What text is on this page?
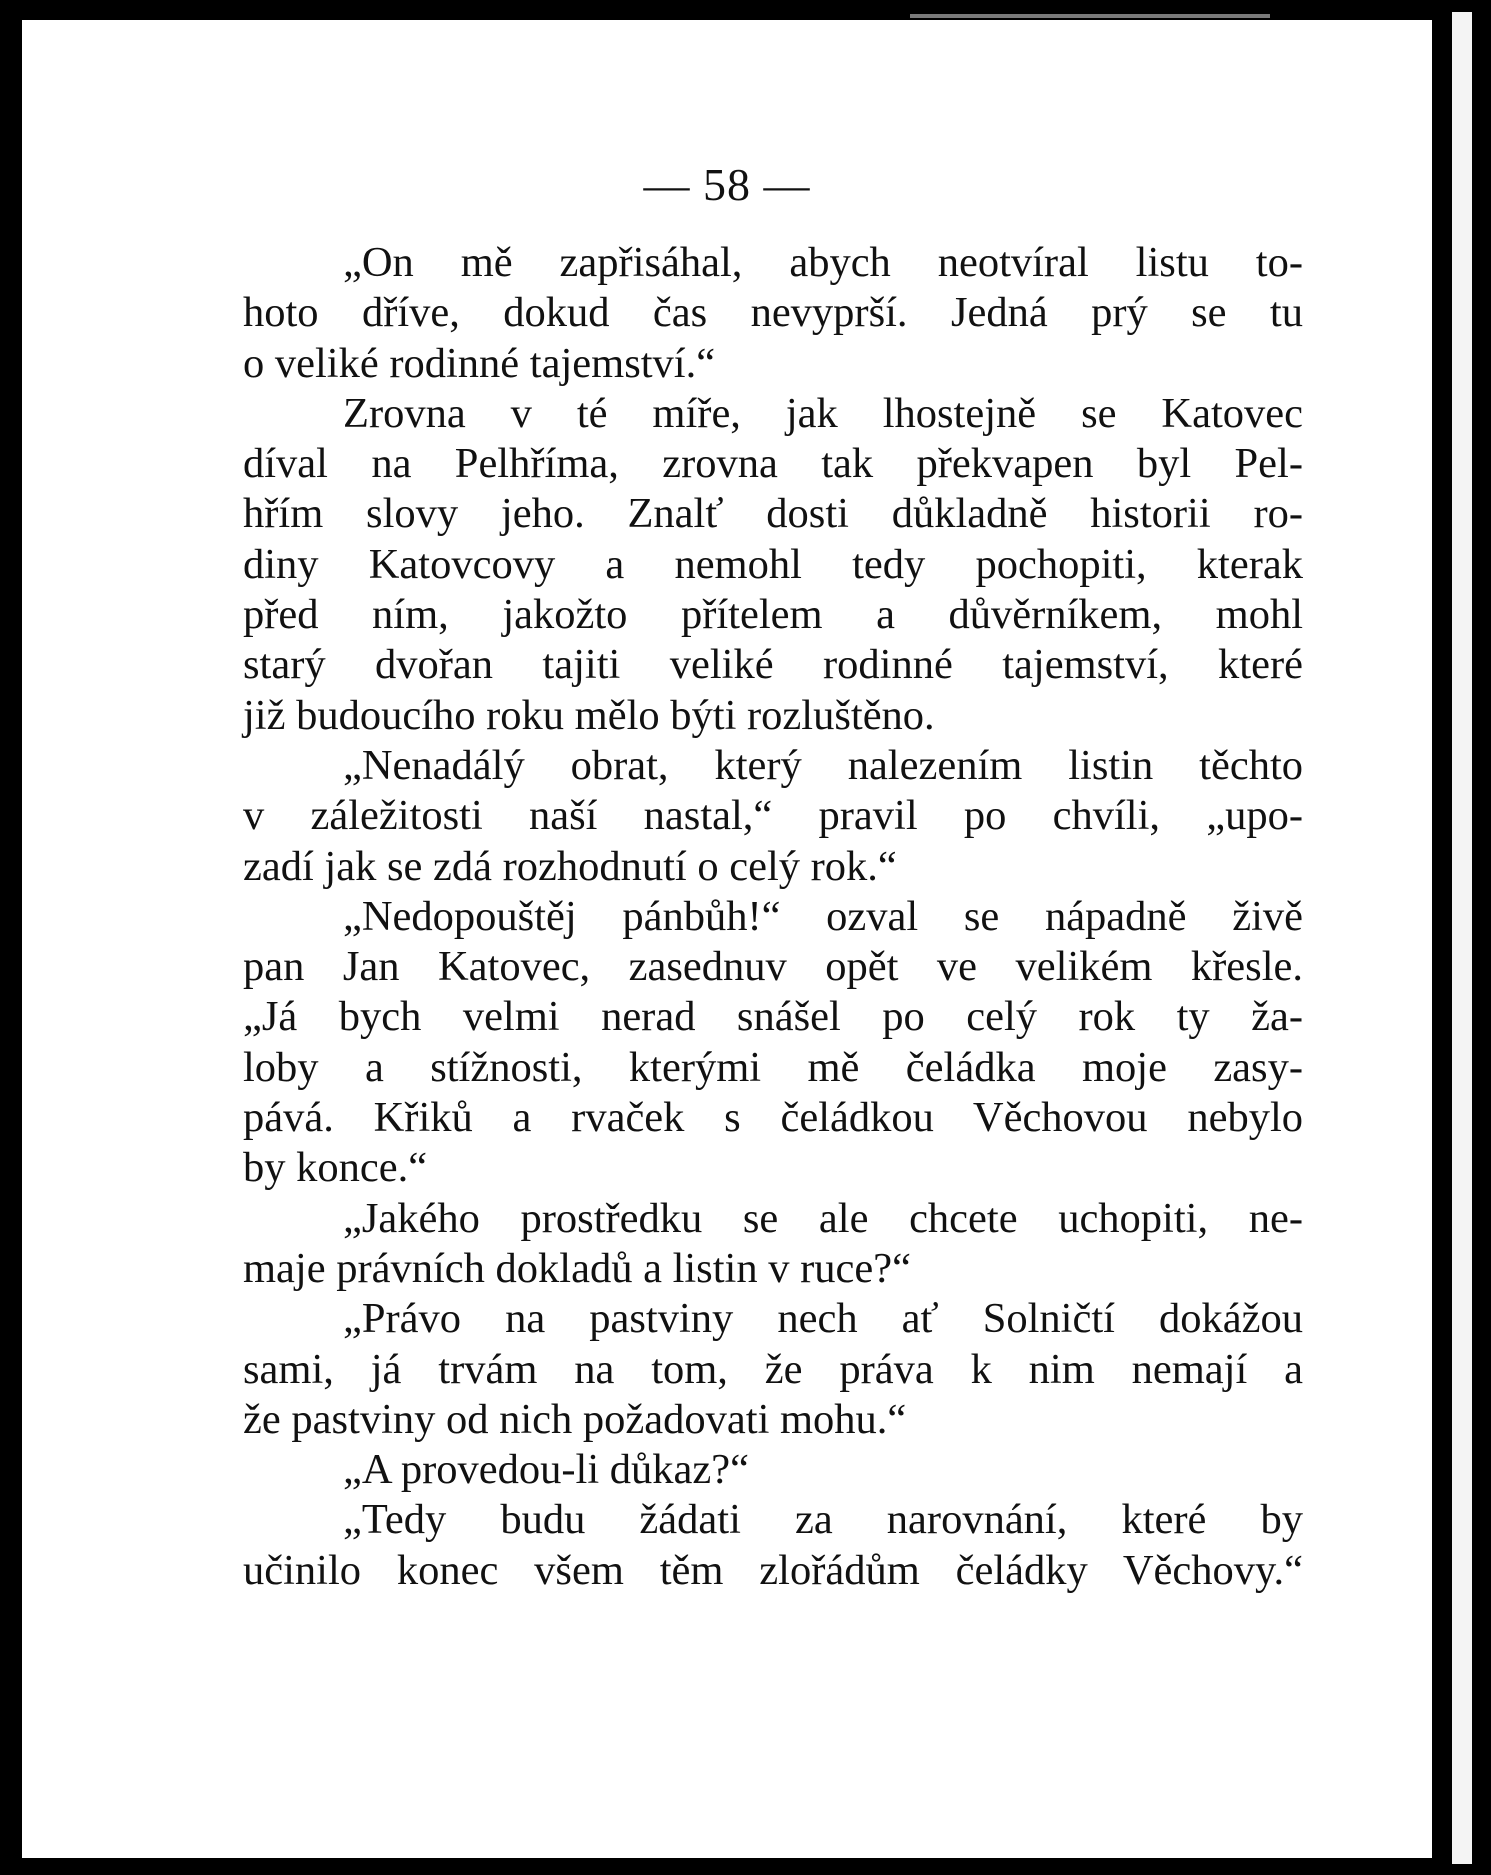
— 58 —
„On mě zapřisáhal, abych neotvíral listu to-
hoto dříve, dokud čas nevyprší. Jedná prý se tu
o veliké rodinné tajemství.“
Zrovna v té míře, jak lhostejně se Katovec
díval na Pelhříma, zrovna tak překvapen byl Pel-
hřím slovy jeho. Znalť dosti důkladně historii ro-
diny Katovcovy a nemohl tedy pochopiti, kterak
před ním, jakožto přítelem a důvěrníkem, mohl
starý dvořan tajiti veliké rodinné tajemství, které
již budoucího roku mělo býti rozluštěno.
„Nenadálý obrat, který nalezením listin těchto
v záležitosti naší nastal,“ pravil po chvíli, „upo-
zadí jak se zdá rozhodnutí o celý rok.“
„Nedopouštěj pánbůh!“ ozval se nápadně živě
pan Jan Katovec, zasednuv opět ve velikém křesle.
„Já bych velmi nerad snášel po celý rok ty ža-
loby a stížnosti, kterými mě čeládka moje zasy-
pává. Křiků a rvaček s čeládkou Věchovou nebylo
by konce.“
„Jakého prostředku se ale chcete uchopiti, ne-
maje právních dokladů a listin v ruce?“
„Právo na pastviny nech ať Solničtí dokážou
sami, já trvám na tom, že práva k nim nemají a
že pastviny od nich požadovati mohu.“
„A provedou-li důkaz?“
„Tedy budu žádati za narovnání, které by
učinilo konec všem těm zlořádům čeládky Věchovy.“
